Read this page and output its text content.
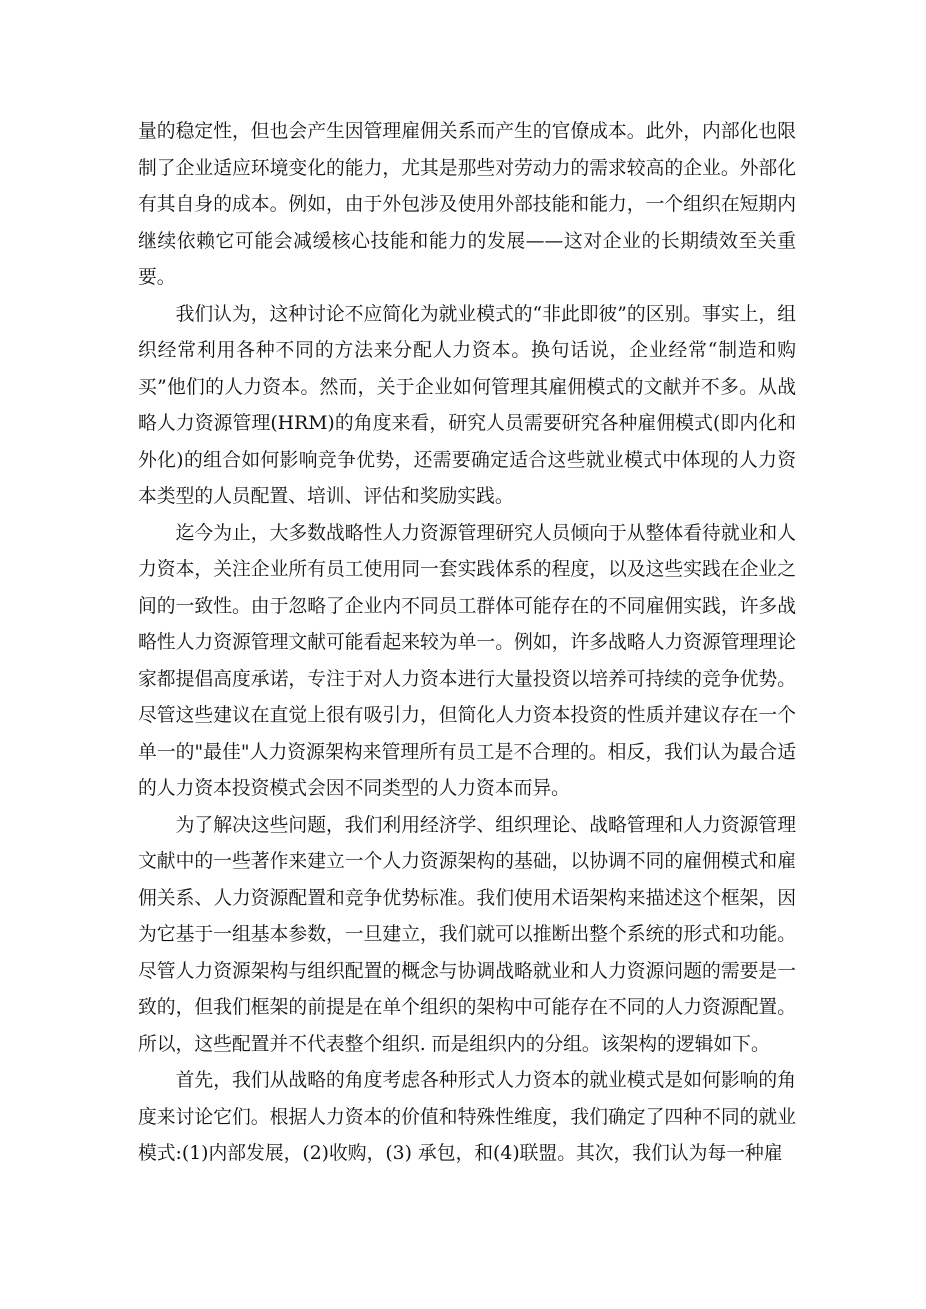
量的稳定性，但也会产生因管理雇佣关系而产生的官僚成本。此外，内部化也限制了企业适应环境变化的能力，尤其是那些对劳动力的需求较高的企业。外部化有其自身的成本。例如，由于外包涉及使用外部技能和能力，一个组织在短期内继续依赖它可能会减缓核心技能和能力的发展——这对企业的长期绩效至关重要。

我们认为，这种讨论不应简化为就业模式的“非此即彼”的区别。事实上，组织经常利用各种不同的方法来分配人力资本。换句话说，企业经常“制造和购买”他们的人力资本。然而，关于企业如何管理其雇佣模式的文献并不多。从战略人力资源管理(HRM)的角度来看，研究人员需要研究各种雇佣模式(即内化和外化)的组合如何影响竞争优势，还需要确定适合这些就业模式中体现的人力资本类型的人员配置、培训、评估和奖励实践。

迄今为止，大多数战略性人力资源管理研究人员倾向于从整体看待就业和人力资本，关注企业所有员工使用同一套实践体系的程度，以及这些实践在企业之间的一致性。由于忽略了企业内不同员工群体可能存在的不同雇佣实践，许多战略性人力资源管理文献可能看起来较为单一。例如，许多战略人力资源管理理论家都提倡高度承诺，专注于对人力资本进行大量投资以培养可持续的竞争优势。尽管这些建议在直觉上很有吸引力，但简化人力资本投资的性质并建议存在一个单一的"最佳"人力资源架构来管理所有员工是不合理的。相反，我们认为最合适的人力资本投资模式会因不同类型的人力资本而异。

为了解决这些问题，我们利用经济学、组织理论、战略管理和人力资源管理文献中的一些著作来建立一个人力资源架构的基础，以协调不同的雇佣模式和雇佣关系、人力资源配置和竞争优势标准。我们使用术语架构来描述这个框架，因为它基于一组基本参数，一旦建立，我们就可以推断出整个系统的形式和功能。尽管人力资源架构与组织配置的概念与协调战略就业和人力资源问题的需要是一致的，但我们框架的前提是在单个组织的架构中可能存在不同的人力资源配置。所以，这些配置并不代表整个组织. 而是组织内的分组。该架构的逻辑如下。

首先，我们从战略的角度考虑各种形式人力资本的就业模式是如何影响的角度来讨论它们。根据人力资本的价值和特殊性维度，我们确定了四种不同的就业模式:(1)内部发展，(2)收购，(3) 承包，和(4)联盟。其次，我们认为每一种雇
